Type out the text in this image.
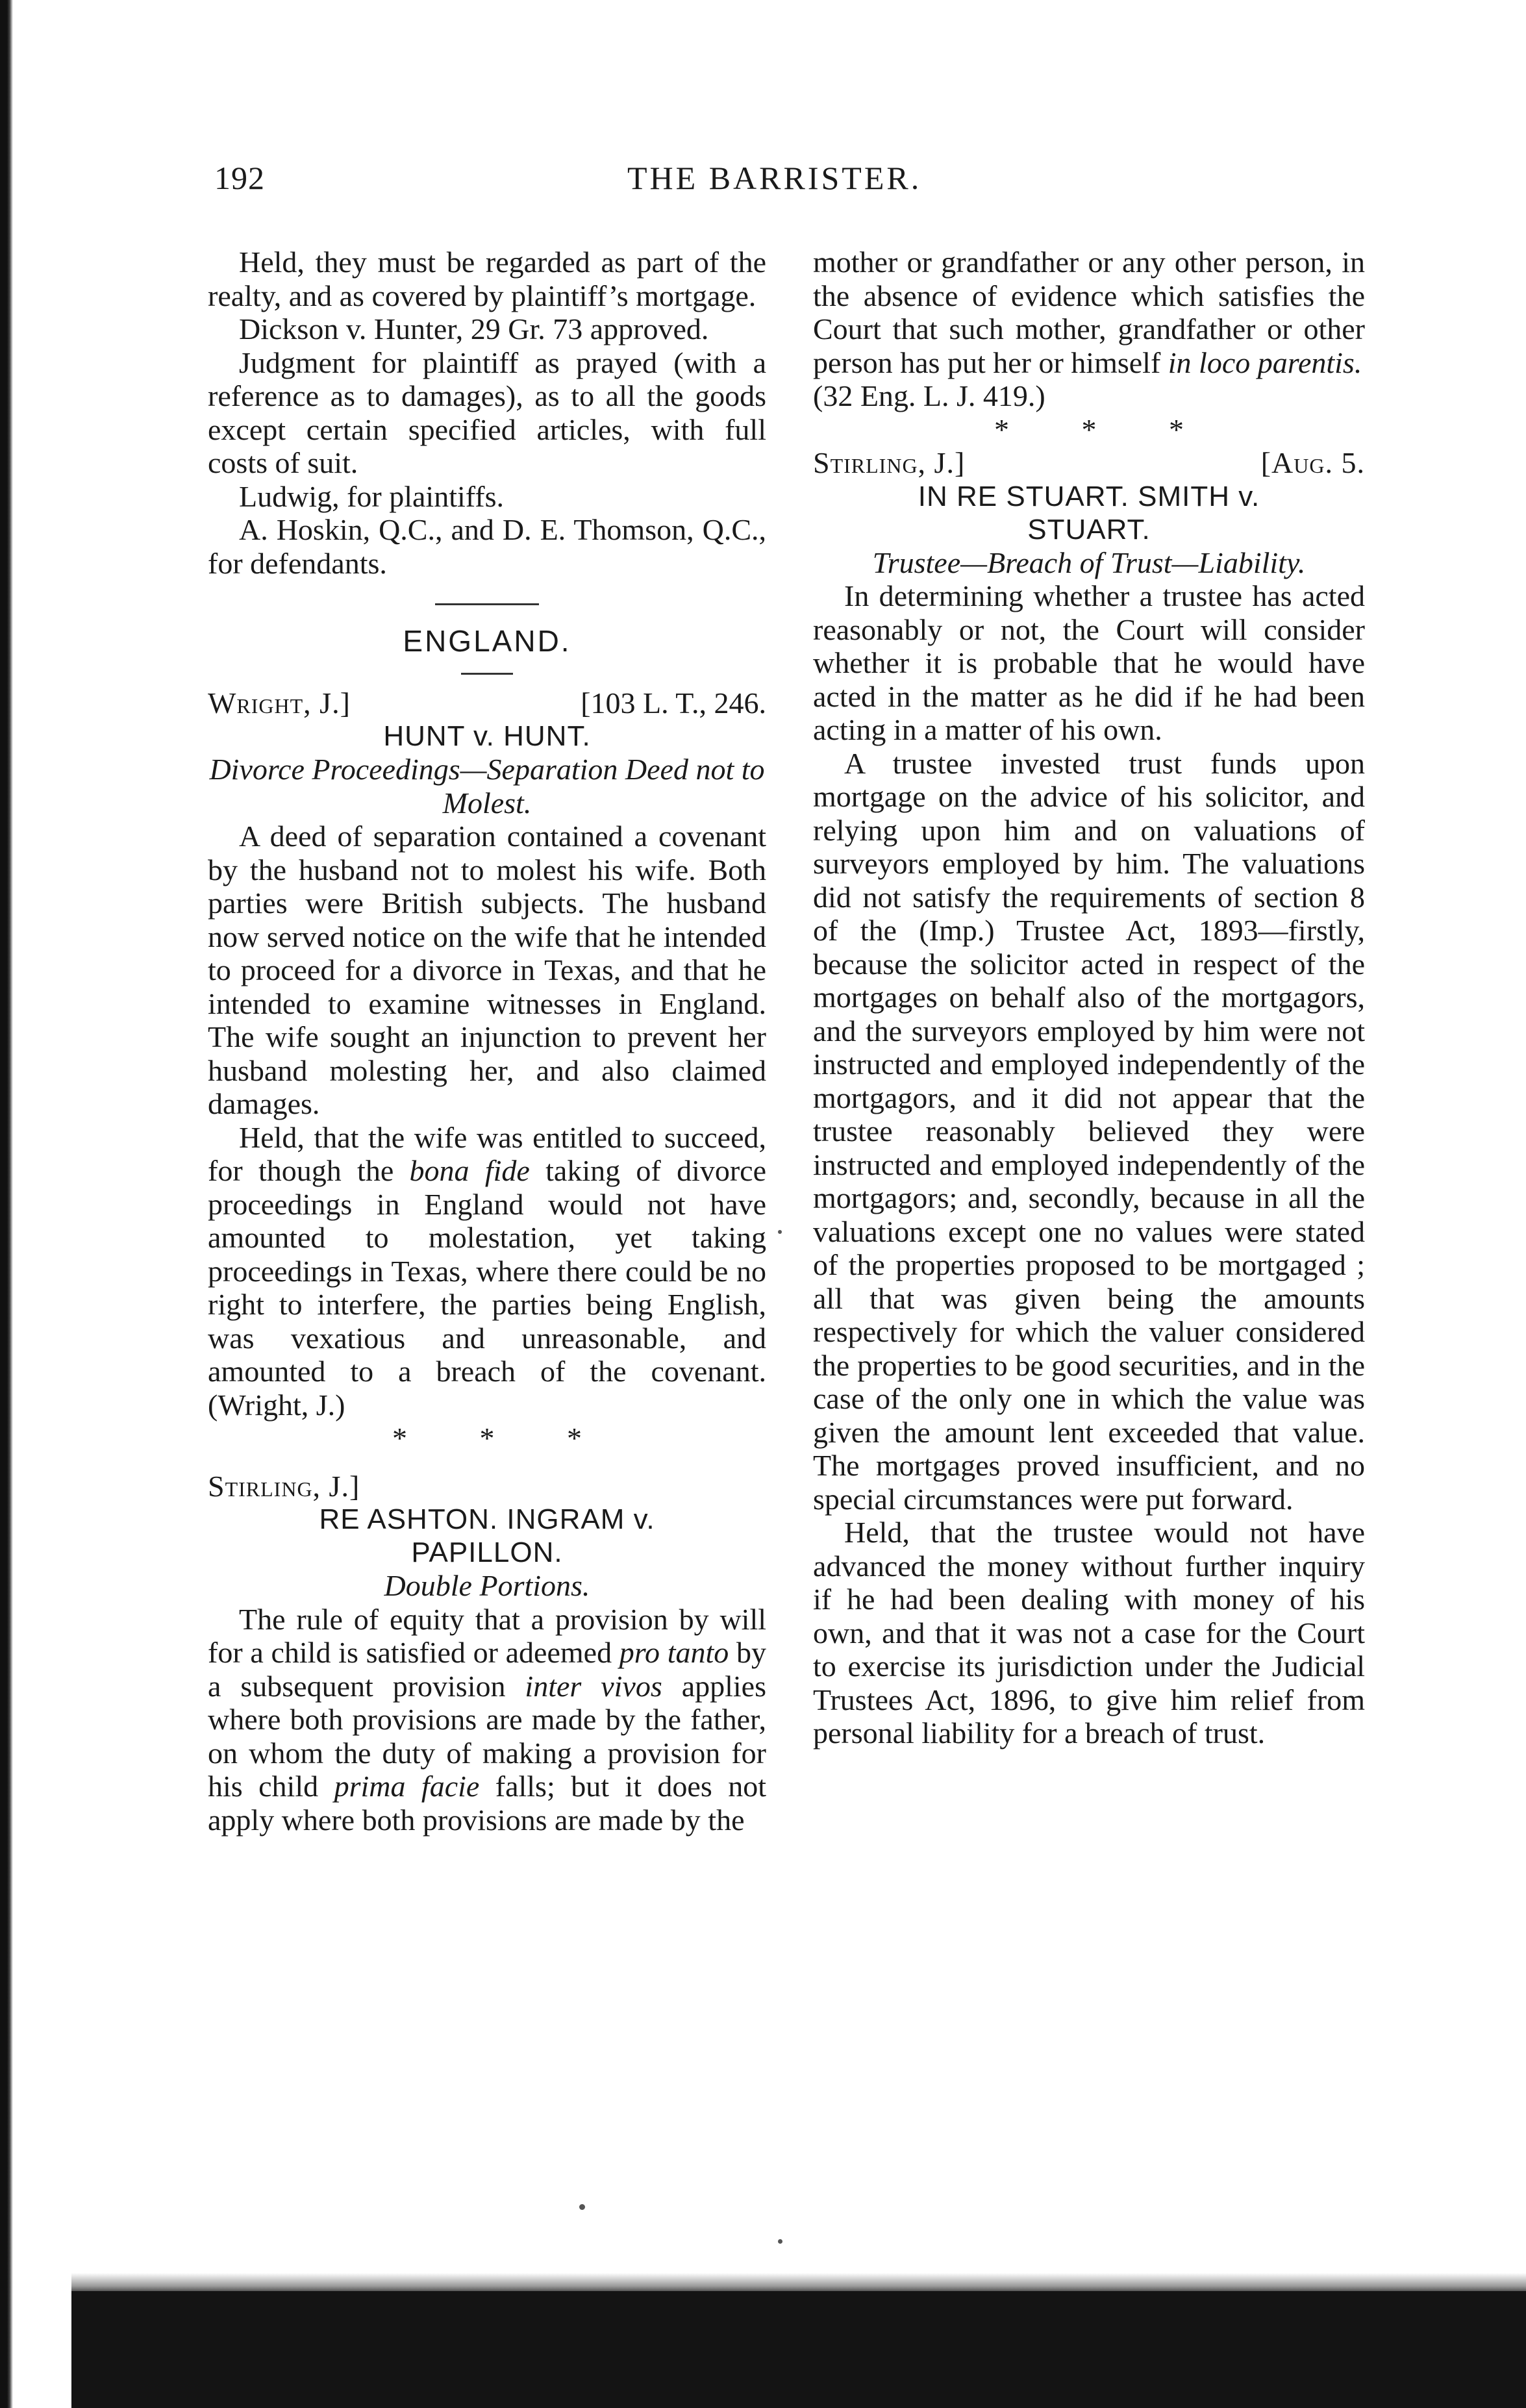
192	THE BARRISTER.

Held, they must be regarded as part of the realty, and as covered by plaintiff’s mortgage.

Dickson v. Hunter, 29 Gr. 73 approved.

Judgment for plaintiff as prayed (with a reference as to damages), as to all the goods except certain specified articles, with full costs of suit.

Ludwig, for plaintiffs.

A. Hoskin, Q.C., and D. E. Thomson, Q.C., for defendants.

ENGLAND.

Wright, J.]	[103 L. T., 246.

HUNT v. HUNT.

Divorce Proceedings—Separation Deed not to Molest.

A deed of separation contained a covenant by the husband not to molest his wife. Both parties were British subjects. The husband now served notice on the wife that he intended to proceed for a divorce in Texas, and that he intended to examine witnesses in England. The wife sought an injunction to prevent her husband molesting her, and also claimed damages.

Held, that the wife was entitled to succeed, for though the bona fide taking of divorce proceedings in England would not have amounted to molestation, yet taking proceedings in Texas, where there could be no right to interfere, the parties being English, was vexatious and unreasonable, and amounted to a breach of the covenant. (Wright, J.)

* * *

Stirling, J.]

RE ASHTON. INGRAM v.
PAPILLON.

Double Portions.

The rule of equity that a provision by will for a child is satisfied or adeemed pro tanto by a subsequent provision inter vivos applies where both provisions are made by the father, on whom the duty of making a provision for his child prima facie falls; but it does not apply where both provisions are made by the

mother or grandfather or any other person, in the absence of evidence which satisfies the Court that such mother, grandfather or other person has put her or himself in loco parentis.

(32 Eng. L. J. 419.)

* * *

Stirling, J.]	[Aug. 5.

IN RE STUART. SMITH v.
STUART.

Trustee—Breach of Trust—Liability.

In determining whether a trustee has acted reasonably or not, the Court will consider whether it is probable that he would have acted in the matter as he did if he had been acting in a matter of his own.

A trustee invested trust funds upon mortgage on the advice of his solicitor, and relying upon him and on valuations of surveyors employed by him. The valuations did not satisfy the requirements of section 8 of the (Imp.) Trustee Act, 1893—firstly, because the solicitor acted in respect of the mortgages on behalf also of the mortgagors, and the surveyors employed by him were not instructed and employed independently of the mortgagors, and it did not appear that the trustee reasonably believed they were instructed and employed independently of the mortgagors; and, secondly, because in all the valuations except one no values were stated of the properties proposed to be mortgaged ; all that was given being the amounts respectively for which the valuer considered the properties to be good securities, and in the case of the only one in which the value was given the amount lent exceeded that value. The mortgages proved insufficient, and no special circumstances were put forward.

Held, that the trustee would not have advanced the money without further inquiry if he had been dealing with money of his own, and that it was not a case for the Court to exercise its jurisdiction under the Judicial Trustees Act, 1896, to give him relief from personal liability for a breach of trust.
